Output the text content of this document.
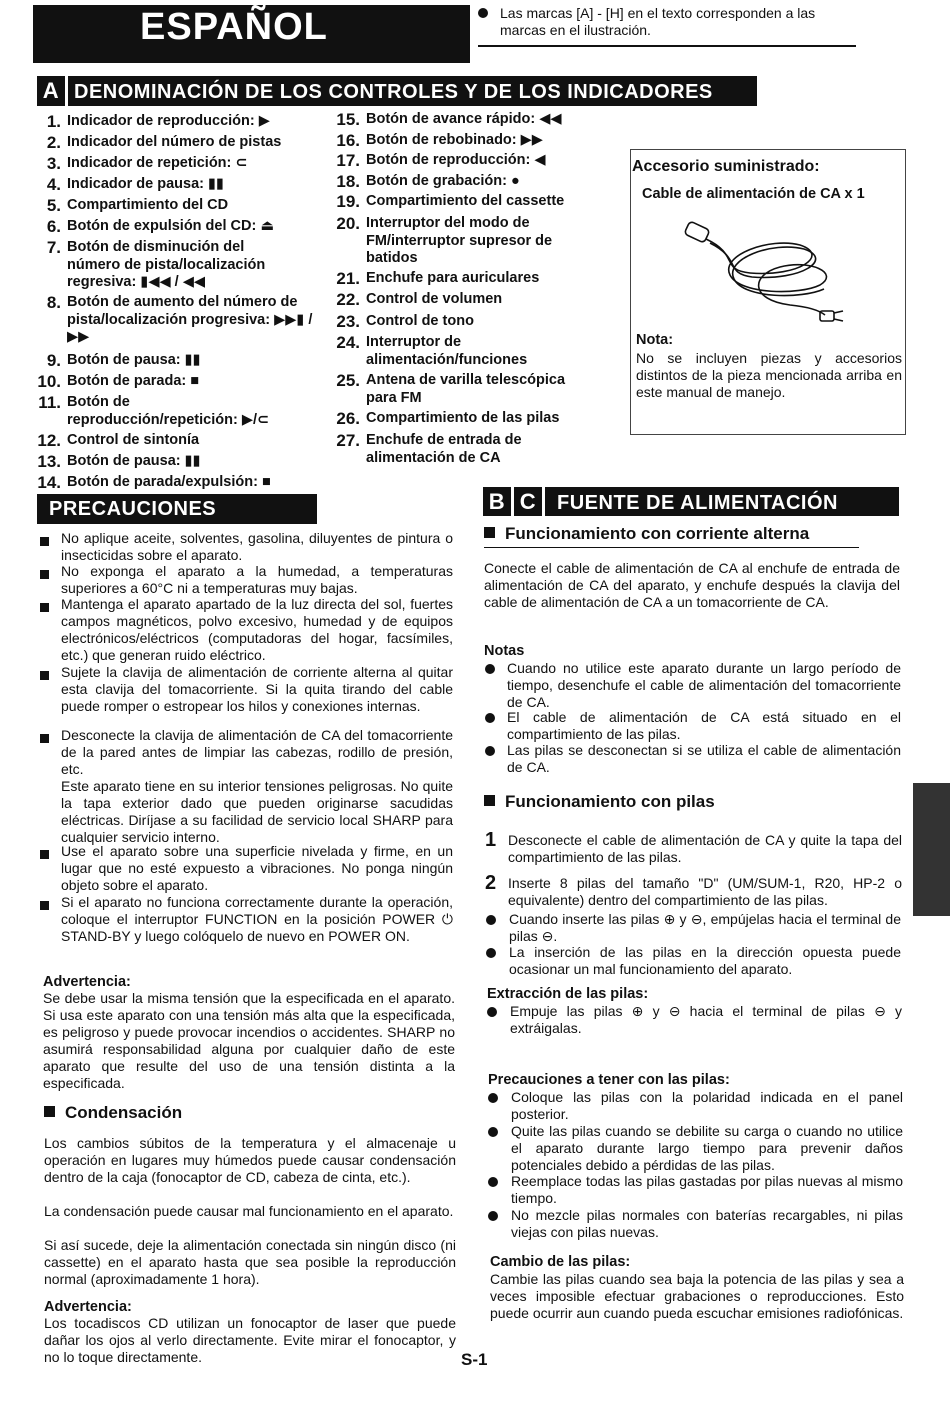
ESPAÑOL	Las marcas [A] - [H] en el texto corresponden a las marcas en el ilustración.
A DENOMINACIÓN DE LOS CONTROLES Y DE LOS INDICADORES
1. Indicador de reproducción: ▶
2. Indicador del número de pistas
3. Indicador de repetición: ⊂
4. Indicador de pausa: ▮▮
5. Compartimiento del CD
6. Botón de expulsión del CD: ⏏
7. Botón de disminución del número de pista/localización regresiva: ▮◀◀ / ◀◀
8. Botón de aumento del número de pista/localización progresiva: ▶▶▮ / ▶▶
9. Botón de pausa: ▮▮
10. Botón de parada: ■
11. Botón de reproducción/repetición: ▶/⊂
12. Control de sintonía
13. Botón de pausa: ▮▮
14. Botón de parada/expulsión: ■
15. Botón de avance rápido: ◀◀
16. Botón de rebobinado: ▶▶
17. Botón de reproducción: ◀
18. Botón de grabación: ●
19. Compartimiento del cassette
20. Interruptor del modo de FM/interruptor supresor de batidos
21. Enchufe para auriculares
22. Control de volumen
23. Control de tono
24. Interruptor de alimentación/funciones
25. Antena de varilla telescópica para FM
26. Compartimiento de las pilas
27. Enchufe de entrada de alimentación de CA
Accesorio suministrado:
Cable de alimentación de CA x 1
Nota:
No se incluyen piezas y accesorios distintos de la pieza mencionada arriba en este manual de manejo.
PRECAUCIONES
No aplique aceite, solventes, gasolina, diluyentes de pintura o insecticidas sobre el aparato.
No exponga el aparato a la humedad, a temperaturas superiores a 60°C ni a temperaturas muy bajas.
Mantenga el aparato apartado de la luz directa del sol, fuertes campos magnéticos, polvo excesivo, humedad y de equipos electrónicos/eléctricos (computadoras del hogar, facsímiles, etc.) que generan ruido eléctrico.
Sujete la clavija de alimentación de corriente alterna al quitar esta clavija del tomacorriente. Si la quita tirando del cable puede romper o estropear los hilos y conexiones internas.
Desconecte la clavija de alimentación de CA del tomacorriente de la pared antes de limpiar las cabezas, rodillo de presión, etc.
Este aparato tiene en su interior tensiones peligrosas. No quite la tapa exterior dado que pueden originarse sacudidas eléctricas. Diríjase a su facilidad de servicio local SHARP para cualquier servicio interno.
Use el aparato sobre una superficie nivelada y firme, en un lugar que no esté expuesto a vibraciones. No ponga ningún objeto sobre el aparato.
Si el aparato no funciona correctamente durante la operación, coloque el interruptor FUNCTION en la posición POWER ⏻ STAND-BY y luego colóquelo de nuevo en POWER ON.
Advertencia:
Se debe usar la misma tensión que la especificada en el aparato. Si usa este aparato con una tensión más alta que la especificada, es peligroso y puede provocar incendios o accidentes. SHARP no asumirá responsabilidad alguna por cualquier daño de este aparato que resulte del uso de una tensión distinta a la especificada.
Condensación
Los cambios súbitos de la temperatura y el almacenaje u operación en lugares muy húmedos puede causar condensación dentro de la caja (fonocaptor de CD, cabeza de cinta, etc.).
La condensación puede causar mal funcionamiento en el aparato.
Si así sucede, deje la alimentación conectada sin ningún disco (ni cassette) en el aparato hasta que sea posible la reproducción normal (aproximadamente 1 hora).
Advertencia:
Los tocadiscos CD utilizan un fonocaptor de laser que puede dañar los ojos al verlo directamente. Evite mirar el fonocaptor, y no lo toque directamente.
B C FUENTE DE ALIMENTACIÓN
Funcionamiento con corriente alterna
Conecte el cable de alimentación de CA al enchufe de entrada de alimentación de CA del aparato, y enchufe después la clavija del cable de alimentación de CA a un tomacorriente de CA.
Notas
Cuando no utilice este aparato durante un largo período de tiempo, desenchufe el cable de alimentación del tomacorriente de CA.
El cable de alimentación de CA está situado en el compartimiento de las pilas.
Las pilas se desconectan si se utiliza el cable de alimentación de CA.
Funcionamiento con pilas
1 Desconecte el cable de alimentación de CA y quite la tapa del compartimiento de las pilas.
2 Inserte 8 pilas del tamaño "D" (UM/SUM-1, R20, HP-2 o equivalente) dentro del compartimiento de las pilas.
Cuando inserte las pilas ⊕ y ⊖, empújelas hacia el terminal de pilas ⊖.
La inserción de las pilas en la dirección opuesta puede ocasionar un mal funcionamiento del aparato.
Extracción de las pilas:
Empuje las pilas ⊕ y ⊖ hacia el terminal de pilas ⊖ y extráigalas.
Precauciones a tener con las pilas:
Coloque las pilas con la polaridad indicada en el panel posterior.
Quite las pilas cuando se debilite su carga o cuando no utilice el aparato durante largo tiempo para prevenir daños potenciales debido a pérdidas de las pilas.
Reemplace todas las pilas gastadas por pilas nuevas al mismo tiempo.
No mezcle pilas normales con baterías recargables, ni pilas viejas con pilas nuevas.
Cambio de las pilas:
Cambie las pilas cuando sea baja la potencia de las pilas y sea a veces imposible efectuar grabaciones o reproducciones. Esto puede ocurrir aun cuando pueda escuchar emisiones radiofónicas.
S-1
